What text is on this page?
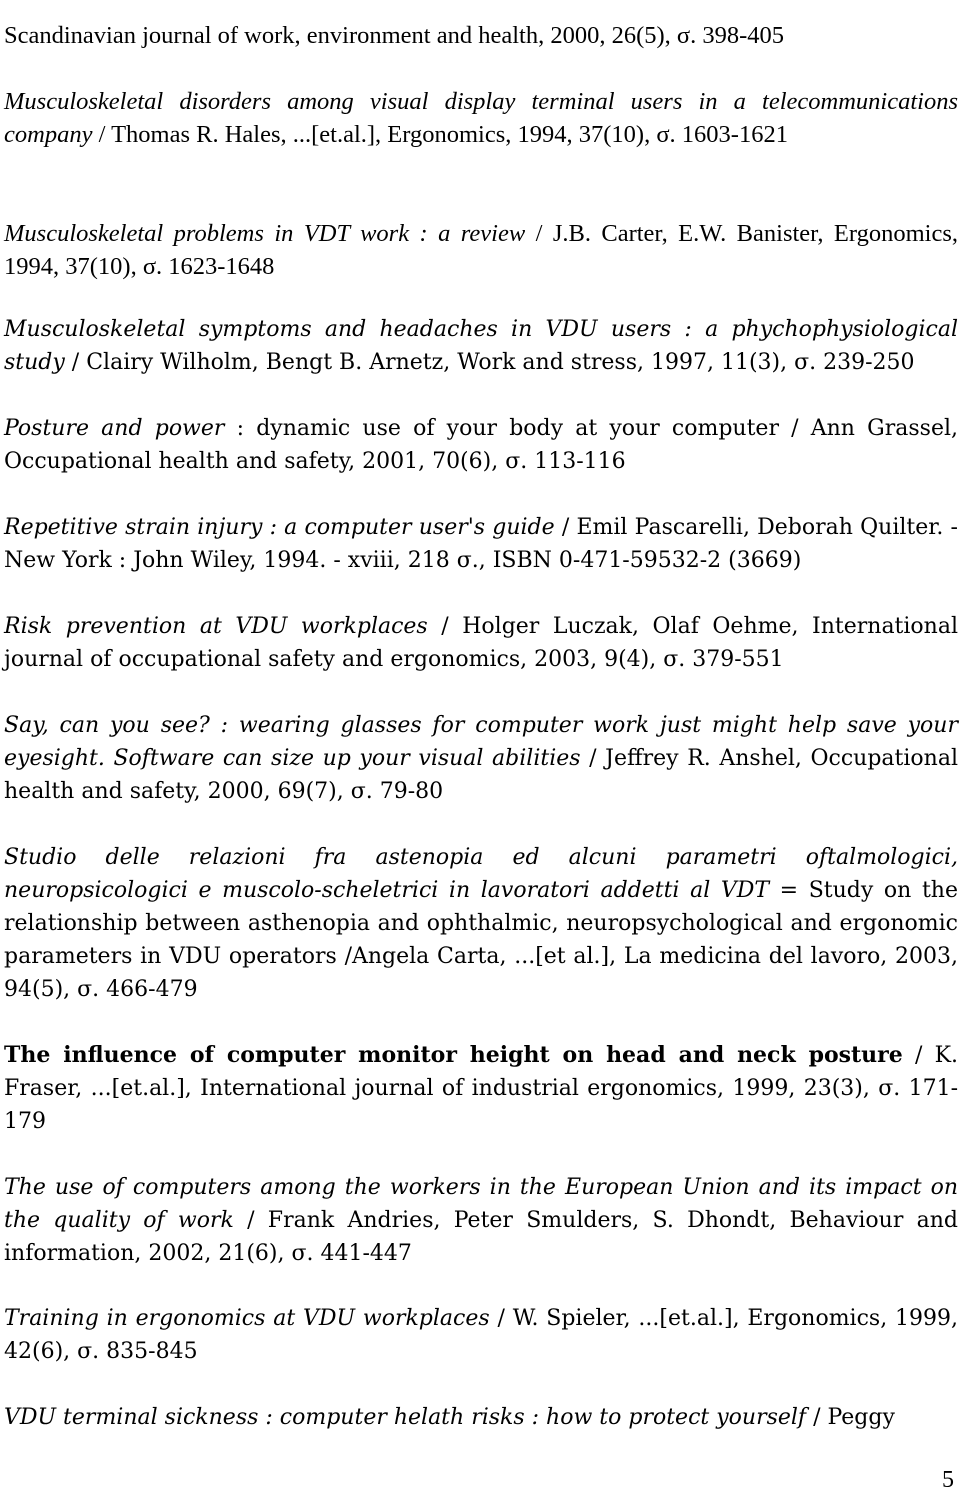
Scandinavian journal of work, environment and health, 2000, 26(5), σ. 398-405

Musculoskeletal disorders among visual display terminal users in a telecommunications company / Thomas R. Hales, ...[et.al.], Ergonomics, 1994, 37(10), σ. 1603-1621

Musculoskeletal problems in VDT work : a review / J.B. Carter, E.W. Banister, Ergonomics, 1994, 37(10), σ. 1623-1648

Musculoskeletal symptoms and headaches in VDU users : a phychophysiological study / Clairy Wilholm, Bengt B. Arnetz, Work and stress, 1997, 11(3), σ. 239-250

Posture and power : dynamic use of your body at your computer / Ann Grassel, Occupational health and safety, 2001, 70(6), σ. 113-116

Repetitive strain injury : a computer user's guide / Emil Pascarelli, Deborah Quilter. - New York : John Wiley, 1994. - xviii, 218 σ., ISBN 0-471-59532-2 (3669)

Risk prevention at VDU workplaces / Holger Luczak, Olaf Oehme, International journal of occupational safety and ergonomics, 2003, 9(4), σ. 379-551

Say, can you see? : wearing glasses for computer work just might help save your eyesight. Software can size up your visual abilities / Jeffrey R. Anshel, Occupational health and safety, 2000, 69(7), σ. 79-80

Studio delle relazioni fra astenopia ed alcuni parametri oftalmologici, neuropsicologici e muscolo-scheletrici in lavoratori addetti al VDT = Study on the relationship between asthenopia and ophthalmic, neuropsychological and ergonomic parameters in VDU operators /Angela Carta, ...[et al.], La medicina del lavoro, 2003, 94(5), σ. 466-479

The influence of computer monitor height on head and neck posture / K. Fraser, ...[et.al.], International journal of industrial ergonomics, 1999, 23(3), σ. 171-179

The use of computers among the workers in the European Union and its impact on the quality of work / Frank Andries, Peter Smulders, S. Dhondt, Behaviour and information, 2002, 21(6), σ. 441-447

Training in ergonomics at VDU workplaces / W. Spieler, ...[et.al.], Ergonomics, 1999, 42(6), σ. 835-845

VDU terminal sickness : computer helath risks : how to protect yourself / Peggy

5
